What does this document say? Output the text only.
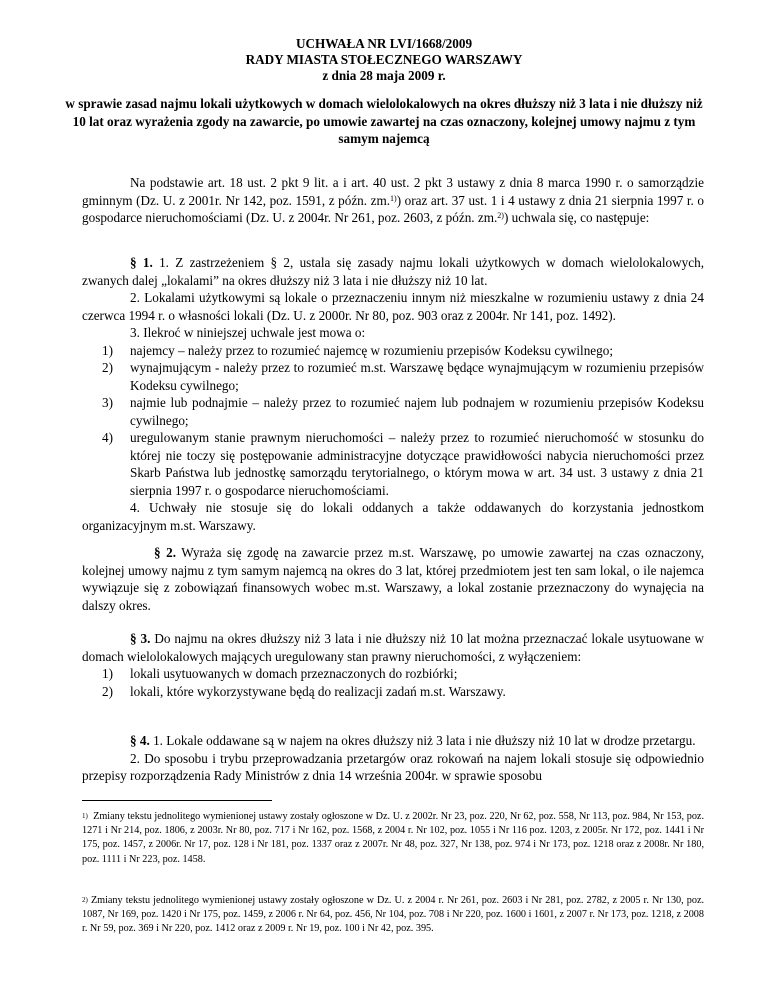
UCHWAŁA NR LVI/1668/2009
RADY MIASTA STOŁECZNEGO WARSZAWY
z dnia 28 maja 2009 r.
w sprawie zasad najmu lokali użytkowych w domach wielolokalowych na okres dłuższy niż 3 lata i nie dłuższy niż 10 lat oraz wyrażenia zgody na zawarcie, po umowie zawartej na czas oznaczony, kolejnej umowy najmu z tym samym najemcą

Na podstawie art. 18 ust. 2 pkt 9 lit. a i art. 40 ust. 2 pkt 3 ustawy z dnia 8 marca 1990 r. o samorządzie gminnym (Dz. U. z 2001r. Nr 142, poz. 1591, z późn. zm.$^{1)}$) oraz art. 37 ust. 1 i 4 ustawy z dnia 21 sierpnia 1997 r. o gospodarce nieruchomościami (Dz. U. z 2004r. Nr 261, poz. 2603, z późn. zm.$^{2)}$) uchwala się, co następuje:

§ 1. 1. Z zastrzeżeniem § 2, ustala się zasady najmu lokali użytkowych w domach wielolokalowych, zwanych dalej „lokalami” na okres dłuższy niż 3 lata i nie dłuższy niż 10 lat.

2. Lokalami użytkowymi są lokale o przeznaczeniu innym niż mieszkalne w rozumieniu ustawy z dnia 24 czerwca 1994 r. o własności lokali (Dz. U. z 2000r. Nr 80, poz. 903 oraz z 2004r. Nr 141, poz. 1492).

3. Ilekroć w niniejszej uchwale jest mowa o:

1) najemcy – należy przez to rozumieć najemcę w rozumieniu przepisów Kodeksu cywilnego;
2) wynajmującym - należy przez to rozumieć m.st. Warszawę będące wynajmującym w rozumieniu przepisów Kodeksu cywilnego;
3) najmie lub podnajmie – należy przez to rozumieć najem lub podnajem w rozumieniu przepisów Kodeksu cywilnego;
4) uregulowanym stanie prawnym nieruchomości – należy przez to rozumieć nieruchomość w stosunku do której nie toczy się postępowanie administracyjne dotyczące prawidłowości nabycia nieruchomości przez Skarb Państwa lub jednostkę samorządu terytorialnego, o którym mowa w art. 34 ust. 3 ustawy z dnia 21 sierpnia 1997 r. o gospodarce nieruchomościami.

4. Uchwały nie stosuje się do lokali oddanych a także oddawanych do korzystania jednostkom organizacyjnym m.st. Warszawy.

§ 2. Wyraża się zgodę na zawarcie przez m.st. Warszawę, po umowie zawartej na czas oznaczony, kolejnej umowy najmu z tym samym najemcą na okres do 3 lat, której przedmiotem jest ten sam lokal, o ile najemca wywiązuje się z zobowiązań finansowych wobec m.st. Warszawy, a lokal zostanie przeznaczony do wynajęcia na dalszy okres.

§ 3. Do najmu na okres dłuższy niż 3 lata i nie dłuższy niż 10 lat można przeznaczać lokale usytuowane w domach wielolokalowych mających uregulowany stan prawny nieruchomości, z wyłączeniem:

1) lokali usytuowanych w domach przeznaczonych do rozbiórki;
2) lokali, które wykorzystywane będą do realizacji zadań m.st. Warszawy.

§ 4. 1. Lokale oddawane są w najem na okres dłuższy niż 3 lata i nie dłuższy niż 10 lat w drodze przetargu.

2. Do sposobu i trybu przeprowadzania przetargów oraz rokowań na najem lokali stosuje się odpowiednio przepisy rozporządzenia Rady Ministrów z dnia 14 września 2004r. w sprawie sposobu

$^{1)}$ Zmiany tekstu jednolitego wymienionej ustawy zostały ogłoszone w Dz. U. z 2002r. Nr 23, poz. 220, Nr 62, poz. 558, Nr 113, poz. 984, Nr 153, poz. 1271 i Nr 214, poz. 1806, z 2003r. Nr 80, poz. 717 i Nr 162, poz. 1568, z 2004 r. Nr 102, poz. 1055 i Nr 116 poz. 1203, z 2005r. Nr 172, poz. 1441 i Nr 175, poz. 1457, z 2006r. Nr 17, poz. 128 i Nr 181, poz. 1337 oraz z 2007r. Nr 48, poz. 327, Nr 138, poz. 974 i Nr 173, poz. 1218 oraz z 2008r. Nr 180, poz. 1111 i Nr 223, poz. 1458.

$^{2)}$ Zmiany tekstu jednolitego wymienionej ustawy zostały ogłoszone w Dz. U. z 2004 r. Nr 261, poz. 2603 i Nr 281, poz. 2782, z 2005 r. Nr 130, poz. 1087, Nr 169, poz. 1420 i Nr 175, poz. 1459, z 2006 r. Nr 64, poz. 456, Nr 104, poz. 708 i Nr 220, poz. 1600 i 1601, z 2007 r. Nr 173, poz. 1218, z 2008 r. Nr 59, poz. 369 i Nr 220, poz. 1412 oraz z 2009 r. Nr 19, poz. 100 i Nr 42, poz. 395.
